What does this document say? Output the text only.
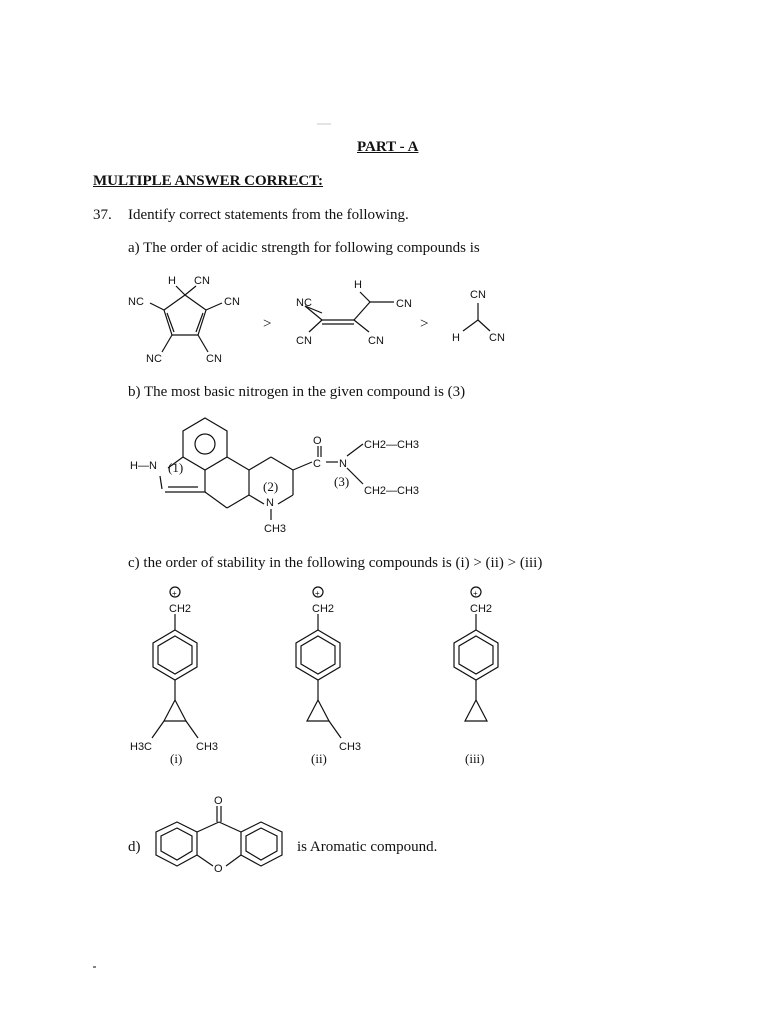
PART - A
MULTIPLE ANSWER CORRECT:
37. Identify correct statements from the following.
a) The order of acidic strength for following compounds is
b) The most basic nitrogen in the given compound is (3)
c) the order of stability in the following compounds is (i) > (ii) > (iii)
d)	is Aromatic compound.
>	>
H CN
NC	CN
NC	CN
H
NC	CN
CN	CN
CN
H	CN
O
C N
H—N (1)
(2)
N
(3)
CH2—CH3
CH2—CH3
CH3
+
CH2
H3C	CH3
(i)
+
CH2
CH3
(ii)
+
CH2
(iii)
O
O
